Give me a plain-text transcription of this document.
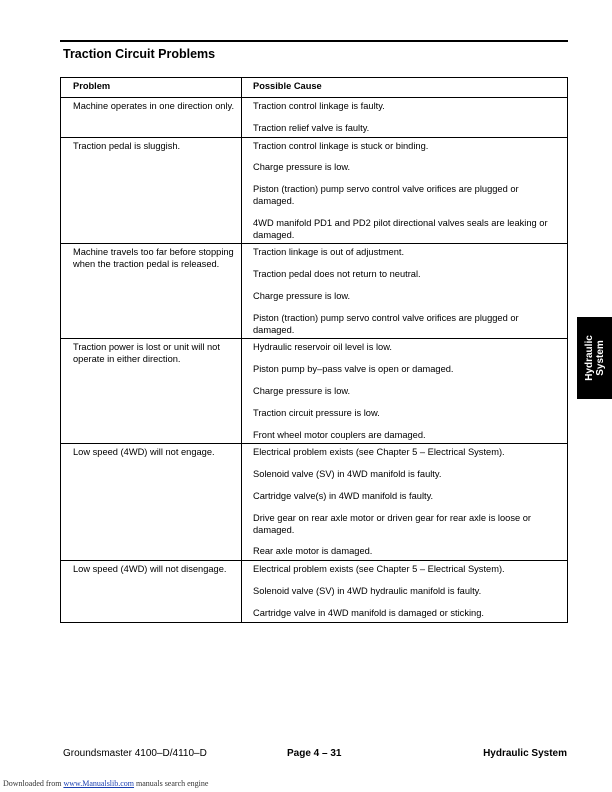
Traction Circuit Problems
Problem	Possible Cause
Machine operates in one direction only.	Traction control linkage is faulty.
Traction relief valve is faulty.

Traction pedal is sluggish.	Traction control linkage is stuck or binding.
Charge pressure is low.
Piston (traction) pump servo control valve orifices are plugged or damaged.
4WD manifold PD1 and PD2 pilot directional valves seals are leaking or damaged.

Machine travels too far before stopping when the traction pedal is released.	Traction linkage is out of adjustment.
Traction pedal does not return to neutral.
Charge pressure is low.
Piston (traction) pump servo control valve orifices are plugged or damaged.

Traction power is lost or unit will not operate in either direction.	Hydraulic reservoir oil level is low.
Piston pump by–pass valve is open or damaged.
Charge pressure is low.
Traction circuit pressure is low.
Front wheel motor couplers are damaged.

Low speed (4WD) will not engage.	Electrical problem exists (see Chapter 5 – Electrical System).
Solenoid valve (SV) in 4WD manifold is faulty.
Cartridge valve(s) in 4WD manifold is faulty.
Drive gear on rear axle motor or driven gear for rear axle is loose or damaged.
Rear axle motor is damaged.

Low speed (4WD) will not disengage.	Electrical problem exists (see Chapter 5 – Electrical System).
Solenoid valve (SV) in 4WD hydraulic manifold is faulty.
Cartridge valve in 4WD manifold is damaged or sticking.
Hydraulic System
Groundsmaster 4100–D/4110–D	Page 4 – 31	Hydraulic System
Downloaded from www.Manualslib.com manuals search engine
